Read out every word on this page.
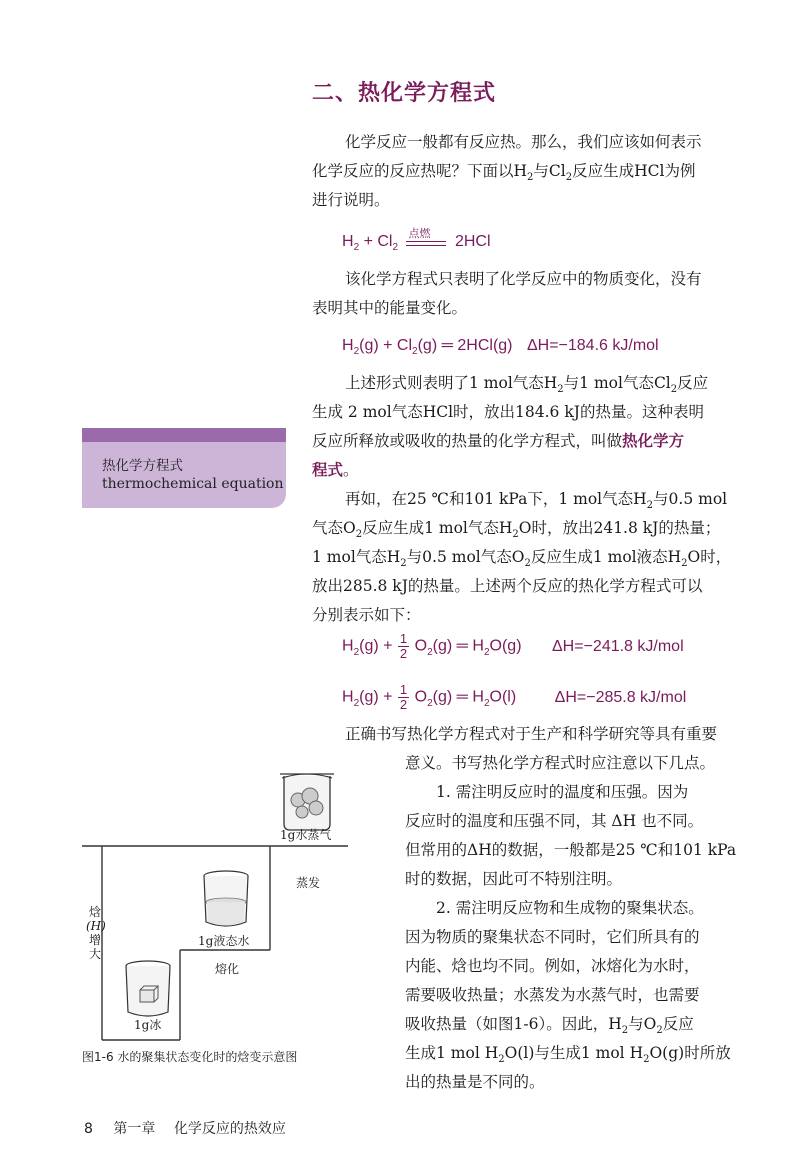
二、热化学方程式
化学反应一般都有反应热。那么，我们应该如何表示
化学反应的反应热呢？下面以$H_2$与$Cl_2$反应生成HCl为例
进行说明。
$H_2 + Cl_2$
点燃 2HCl
该化学方程式只表明了化学反应中的物质变化，没有
表明其中的能量变化。
$H_2(g) + Cl_2(g)$ ═ 2HCl(g) ΔH=−184.6 kJ/mol
上述形式则表明了1 mol气态$H_2$与1 mol气态$Cl_2$反应
生成 2 mol气态HCl时，放出184.6 kJ的热量。这种表明
反应所释放或吸收的热量的化学方程式，叫做热化学方
程式。
热化学方程式
thermochemical equation
再如，在25 ℃和101 kPa下，1 mol气态$H_2$与0.5 mol
气态$O_2$反应生成1 mol气态$H_2O$时，放出241.8 kJ的热量；
1 mol气态$H_2$与0.5 mol气态$O_2$反应生成1 mol液态$H_2O$时，
放出285.8 kJ的热量。上述两个反应的热化学方程式可以
分别表示如下：
$H_2(g) + \frac{1}{2} O_2(g)$ ═ $H_2O(g)$ ΔH=−241.8 kJ/mol
$H_2(g) + \frac{1}{2} O_2(g)$ ═ $H_2O(l)$ ΔH=−285.8 kJ/mol
正确书写热化学方程式对于生产和科学研究等具有重要
意义。书写热化学方程式时应注意以下几点。
1. 需注明反应时的温度和压强。因为
反应时的温度和压强不同，其 ΔH 也不同。
但常用的ΔH的数据，一般都是25 ℃和101 kPa
时的数据，因此可不特别注明。
2. 需注明反应物和生成物的聚集状态。
因为物质的聚集状态不同时，它们所具有的
内能、焓也均不同。例如，冰熔化为水时，
需要吸收热量；水蒸发为水蒸气时，也需要
吸收热量（如图1-6）。因此，$H_2$与$O_2$反应
生成1 mol $H_2O(l)$与生成1 mol $H_2O(g)$时所放
出的热量是不同的。
焓
(H)
增
大
1g水蒸气
蒸发
1g液态水
熔化
1g冰
图1-6 水的聚集状态变化时的焓变示意图
8 第一章 化学反应的热效应
